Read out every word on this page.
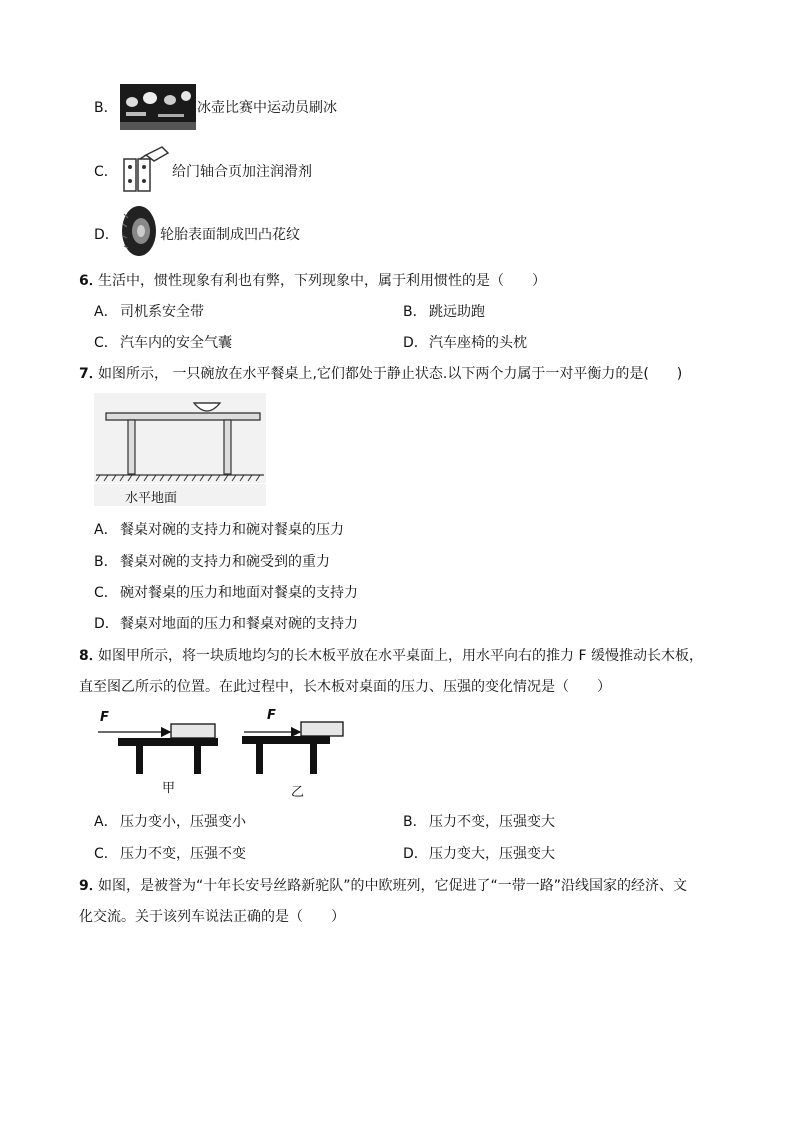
B．	冰壶比赛中运动员刷冰
C．	给门轴合页加注润滑剂
D．	轮胎表面制成凹凸花纹
6．
生活中，惯性现象有利也有弊，下列现象中，属于利用惯性的是（　　）
A． 司机系安全带	B． 跳远助跑
C． 汽车内的安全气囊	D． 汽车座椅的头枕
7．
如图所示， 一只碗放在水平餐桌上,它们都处于静止状态.以下两个力属于一对平衡力的是(　　)
水平地面
A． 餐桌对碗的支持力和碗对餐桌的压力
B． 餐桌对碗的支持力和碗受到的重力
C． 碗对餐桌的压力和地面对餐桌的支持力
D． 餐桌对地面的压力和餐桌对碗的支持力
8．
如图甲所示，将一块质地均匀的长木板平放在水平桌面上，用水平向右的推力 F 缓慢推动长木板，
直至图乙所示的位置。在此过程中，长木板对桌面的压力、压强的变化情况是（　　）
F	F
甲	乙
A． 压力变小，压强变小	B． 压力不变，压强变大
C． 压力不变，压强不变	D． 压力变大，压强变大
9．
如图，是被誉为“十年长安号丝路新驼队”的中欧班列，它促进了“一带一路”沿线国家的经济、文
化交流。关于该列车说法正确的是（　　）
